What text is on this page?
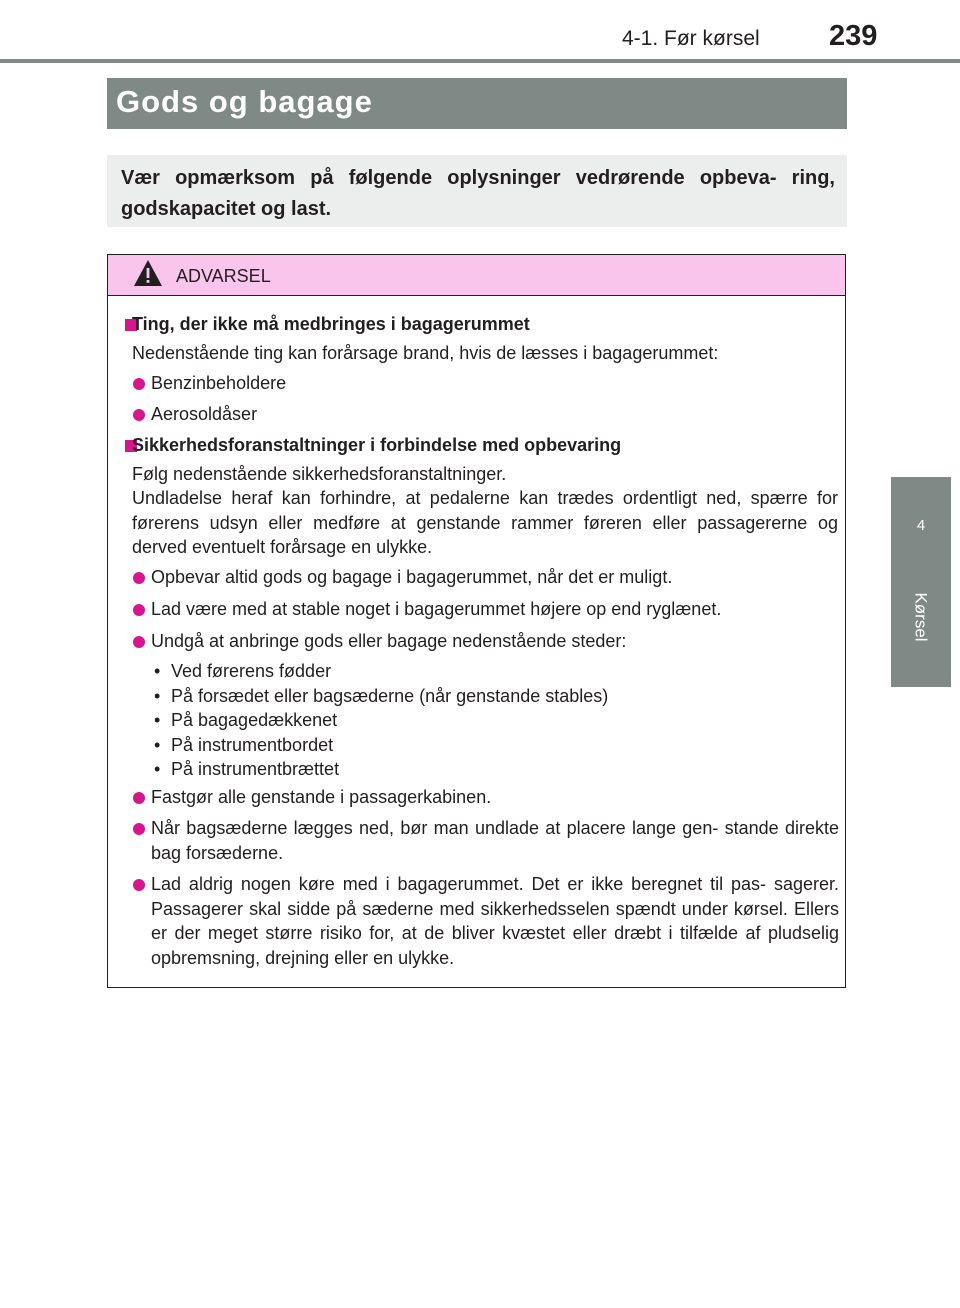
4-1. Før kørsel 239
4
Kørsel
Gods og bagage
Vær opmærksom på følgende oplysninger vedrørende opbeva- ring, godskapacitet og last.
ADVARSEL
Ting, der ikke må medbringes i bagagerummet
Nedenstående ting kan forårsage brand, hvis de læsses i bagagerummet:
Benzinbeholdere
Aerosoldåser
Sikkerhedsforanstaltninger i forbindelse med opbevaring
Følg nedenstående sikkerhedsforanstaltninger.
Undladelse heraf kan forhindre, at pedalerne kan trædes ordentligt ned, spærre for førerens udsyn eller medføre at genstande rammer føreren eller passagererne og derved eventuelt forårsage en ulykke.
Opbevar altid gods og bagage i bagagerummet, når det er muligt.
Lad være med at stable noget i bagagerummet højere op end ryglænet.
Undgå at anbringe gods eller bagage nedenstående steder:
• Ved førerens fødder
• På forsædet eller bagsæderne (når genstande stables)
• På bagagedækkenet
• På instrumentbordet
• På instrumentbrættet
Fastgør alle genstande i passagerkabinen.
Når bagsæderne lægges ned, bør man undlade at placere lange gen- stande direkte bag forsæderne.
Lad aldrig nogen køre med i bagagerummet. Det er ikke beregnet til pas- sagerer. Passagerer skal sidde på sæderne med sikkerhedsselen spændt under kørsel. Ellers er der meget større risiko for, at de bliver kvæstet eller dræbt i tilfælde af pludselig opbremsning, drejning eller en ulykke.
